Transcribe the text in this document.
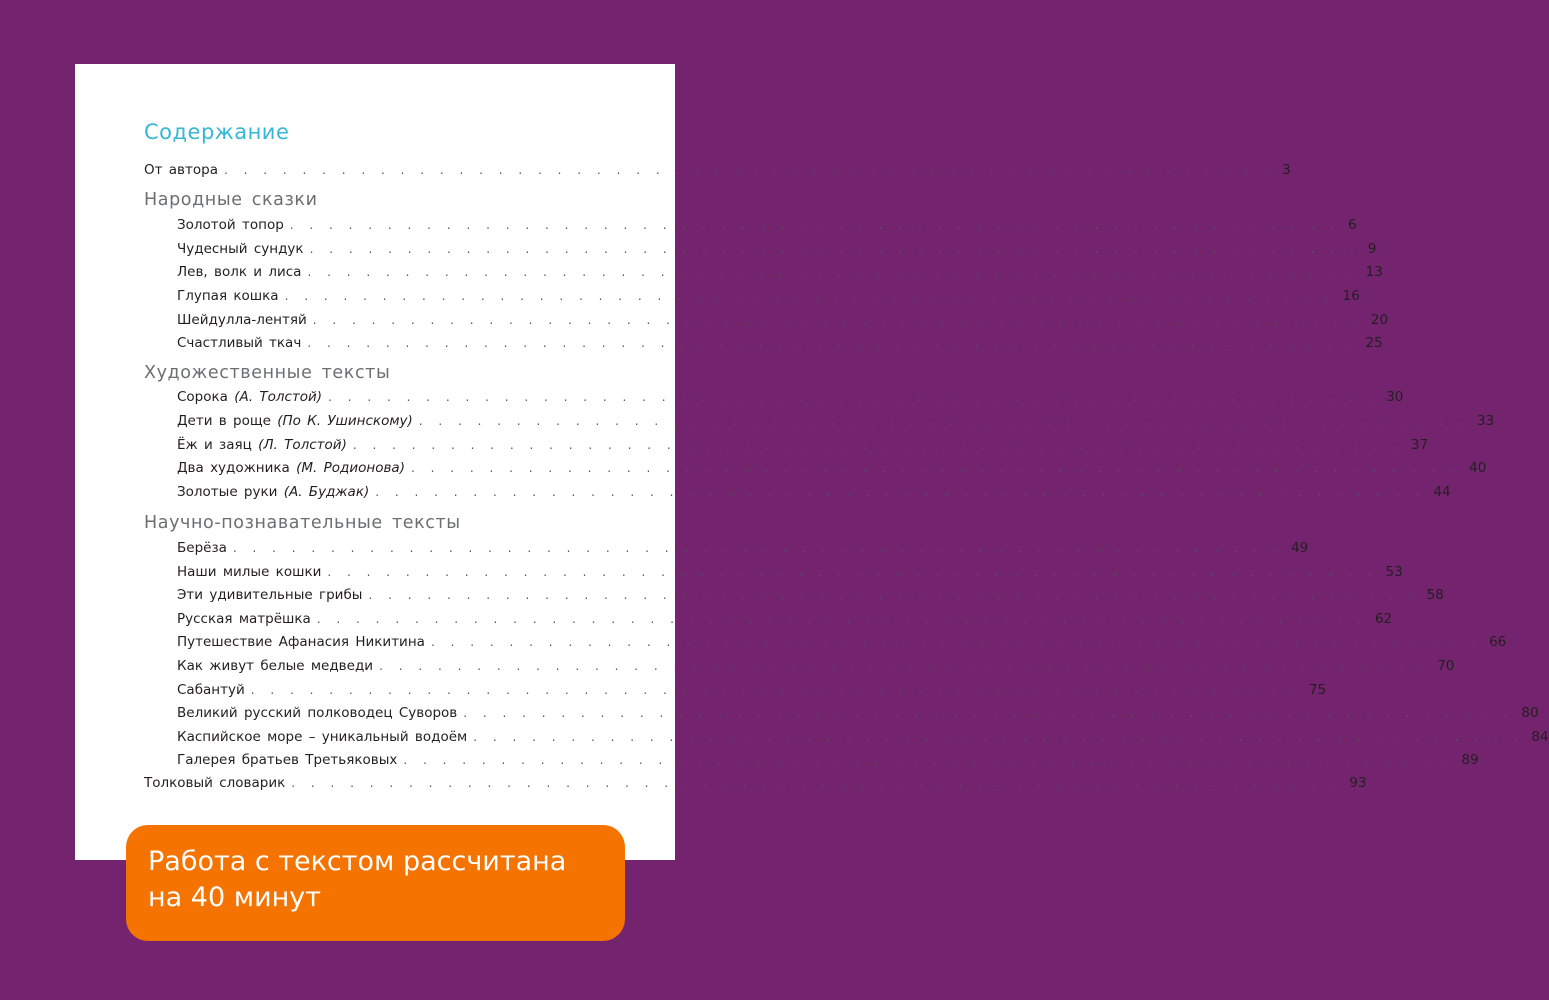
Содержание
От автора . . . . . . . . . . . . . . . . . . . . . . . . . . . . . . . . . . . . . . . . . . . . . . . . . . . . . . 3
Народные сказки
Золотой топор . . . . . . . . . . . . . . . . . . . . . . . . . . . . . . . . . . . . . . . . . . . . . . . . . . . . . . 6
Чудесный сундук . . . . . . . . . . . . . . . . . . . . . . . . . . . . . . . . . . . . . . . . . . . . . . . . . . . . . . 9
Лев, волк и лиса . . . . . . . . . . . . . . . . . . . . . . . . . . . . . . . . . . . . . . . . . . . . . . . . . . . . . . 13
Глупая кошка . . . . . . . . . . . . . . . . . . . . . . . . . . . . . . . . . . . . . . . . . . . . . . . . . . . . . . 16
Шейдулла-лентяй . . . . . . . . . . . . . . . . . . . . . . . . . . . . . . . . . . . . . . . . . . . . . . . . . . . . . . 20
Счастливый ткач . . . . . . . . . . . . . . . . . . . . . . . . . . . . . . . . . . . . . . . . . . . . . . . . . . . . . . 25
Художественные тексты
Сорока (А. Толстой) . . . . . . . . . . . . . . . . . . . . . . . . . . . . . . . . . . . . . . . . . . . . . . . . . . . . . . 30
Дети в роще (По К. Ушинскому) . . . . . . . . . . . . . . . . . . . . . . . . . . . . . . . . . . . . . . . . . . . . . . . . . . . . . . 33
Ёж и заяц (Л. Толстой) . . . . . . . . . . . . . . . . . . . . . . . . . . . . . . . . . . . . . . . . . . . . . . . . . . . . . . 37
Два художника (М. Родионова) . . . . . . . . . . . . . . . . . . . . . . . . . . . . . . . . . . . . . . . . . . . . . . . . . . . . . . 40
Золотые руки (А. Буджак) . . . . . . . . . . . . . . . . . . . . . . . . . . . . . . . . . . . . . . . . . . . . . . . . . . . . . . 44
Научно-познавательные тексты
Берёза . . . . . . . . . . . . . . . . . . . . . . . . . . . . . . . . . . . . . . . . . . . . . . . . . . . . . . 49
Наши милые кошки . . . . . . . . . . . . . . . . . . . . . . . . . . . . . . . . . . . . . . . . . . . . . . . . . . . . . . 53
Эти удивительные грибы . . . . . . . . . . . . . . . . . . . . . . . . . . . . . . . . . . . . . . . . . . . . . . . . . . . . . . 58
Русская матрёшка . . . . . . . . . . . . . . . . . . . . . . . . . . . . . . . . . . . . . . . . . . . . . . . . . . . . . . 62
Путешествие Афанасия Никитина . . . . . . . . . . . . . . . . . . . . . . . . . . . . . . . . . . . . . . . . . . . . . . . . . . . . . . 66
Как живут белые медведи . . . . . . . . . . . . . . . . . . . . . . . . . . . . . . . . . . . . . . . . . . . . . . . . . . . . . . 70
Сабантуй . . . . . . . . . . . . . . . . . . . . . . . . . . . . . . . . . . . . . . . . . . . . . . . . . . . . . . 75
Великий русский полководец Суворов . . . . . . . . . . . . . . . . . . . . . . . . . . . . . . . . . . . . . . . . . . . . . . . . . . . . . . 80
Каспийское море – уникальный водоём . . . . . . . . . . . . . . . . . . . . . . . . . . . . . . . . . . . . . . . . . . . . . . . . . . . . . . 84
Галерея братьев Третьяковых . . . . . . . . . . . . . . . . . . . . . . . . . . . . . . . . . . . . . . . . . . . . . . . . . . . . . . 89
Толковый словарик . . . . . . . . . . . . . . . . . . . . . . . . . . . . . . . . . . . . . . . . . . . . . . . . . . . . . . 93
Работа с текстом рассчитана
на 40 минут
